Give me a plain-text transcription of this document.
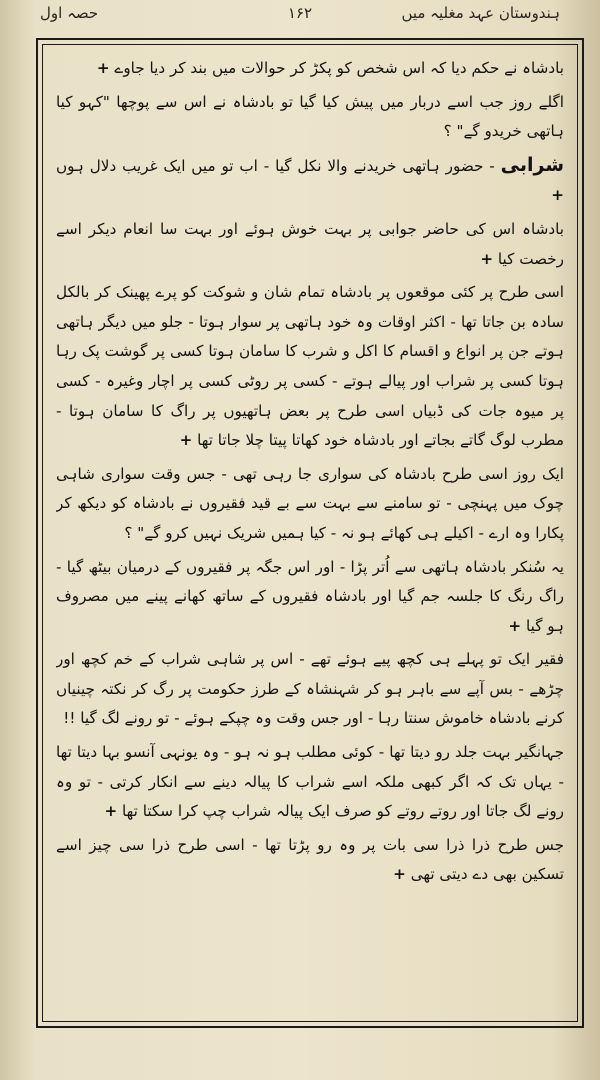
ہندوستان عہد مغلیہ میں
۱۶۲
حصہ اول

بادشاہ نے حکم دیا کہ اس شخص کو پکڑ کر حوالات میں بند کر دیا جاوے +

اگلے روز جب اسے دربار میں پیش کیا گیا تو بادشاہ نے اس سے پوچھا "کہو کیا ہاتھی خریدو گے" ؟

شرابی - حضور ہاتھی خریدنے والا نکل گیا - اب تو میں ایک غریب دلال ہوں +

بادشاہ اس کی حاضر جوابی پر بہت خوش ہوئے اور بہت سا انعام دیکر اسے رخصت کیا +

اسی طرح پر کئی موقعوں پر بادشاہ تمام شان و شوکت کو پرے پھینک کر بالکل سادہ بن جاتا تھا - اکثر اوقات وہ خود ہاتھی پر سوار ہوتا - جلو میں دیگر ہاتھی ہوتے جن پر انواع و اقسام کا اکل و شرب کا سامان ہوتا کسی پر گوشت پک رہا ہوتا کسی پر شراب اور پیالے ہوتے - کسی پر روٹی کسی پر اچار وغیرہ - کسی پر میوہ جات کی ڈبیاں اسی طرح پر بعض ہاتھیوں پر راگ کا سامان ہوتا - مطرب لوگ گاتے بجاتے اور بادشاہ خود کھاتا پیتا چلا جاتا تھا +

ایک روز اسی طرح بادشاہ کی سواری جا رہی تھی - جس وقت سواری شاہی چوک میں پہنچی - تو سامنے سے بہت سے بے قید فقیروں نے بادشاہ کو دیکھ کر پکارا وہ ارے - اکیلے ہی کھائے ہو نہ - کیا ہمیں شریک نہیں کرو گے" ؟

یہ سُنکر بادشاہ ہاتھی سے اُتر پڑا - اور اس جگہ پر فقیروں کے درمیان بیٹھ گیا - راگ رنگ کا جلسہ جم گیا اور بادشاہ فقیروں کے ساتھ کھانے پینے میں مصروف ہو گیا +

فقیر ایک تو پہلے ہی کچھ پیے ہوئے تھے - اس پر شاہی شراب کے خم کچھ اور چڑھے - بس آپے سے باہر ہو کر شہنشاہ کے طرز حکومت پر رگ کر نکتہ چینیاں کرنے بادشاہ خاموش سنتا رہا - اور جس وقت وہ چپکے ہوئے - تو رونے لگ گیا !!

جہانگیر بہت جلد رو دیتا تھا - کوئی مطلب ہو نہ ہو - وہ یونہی آنسو بہا دیتا تھا - یہاں تک کہ اگر کبھی ملکہ اسے شراب کا پیالہ دینے سے انکار کرتی - تو وہ رونے لگ جاتا اور روتے روتے کو صرف ایک پیالہ شراب چپ کرا سکتا تھا +

جس طرح ذرا ذرا سی بات پر وہ رو پڑتا تھا - اسی طرح ذرا سی چیز اسے تسکین بھی دے دیتی تھی +
